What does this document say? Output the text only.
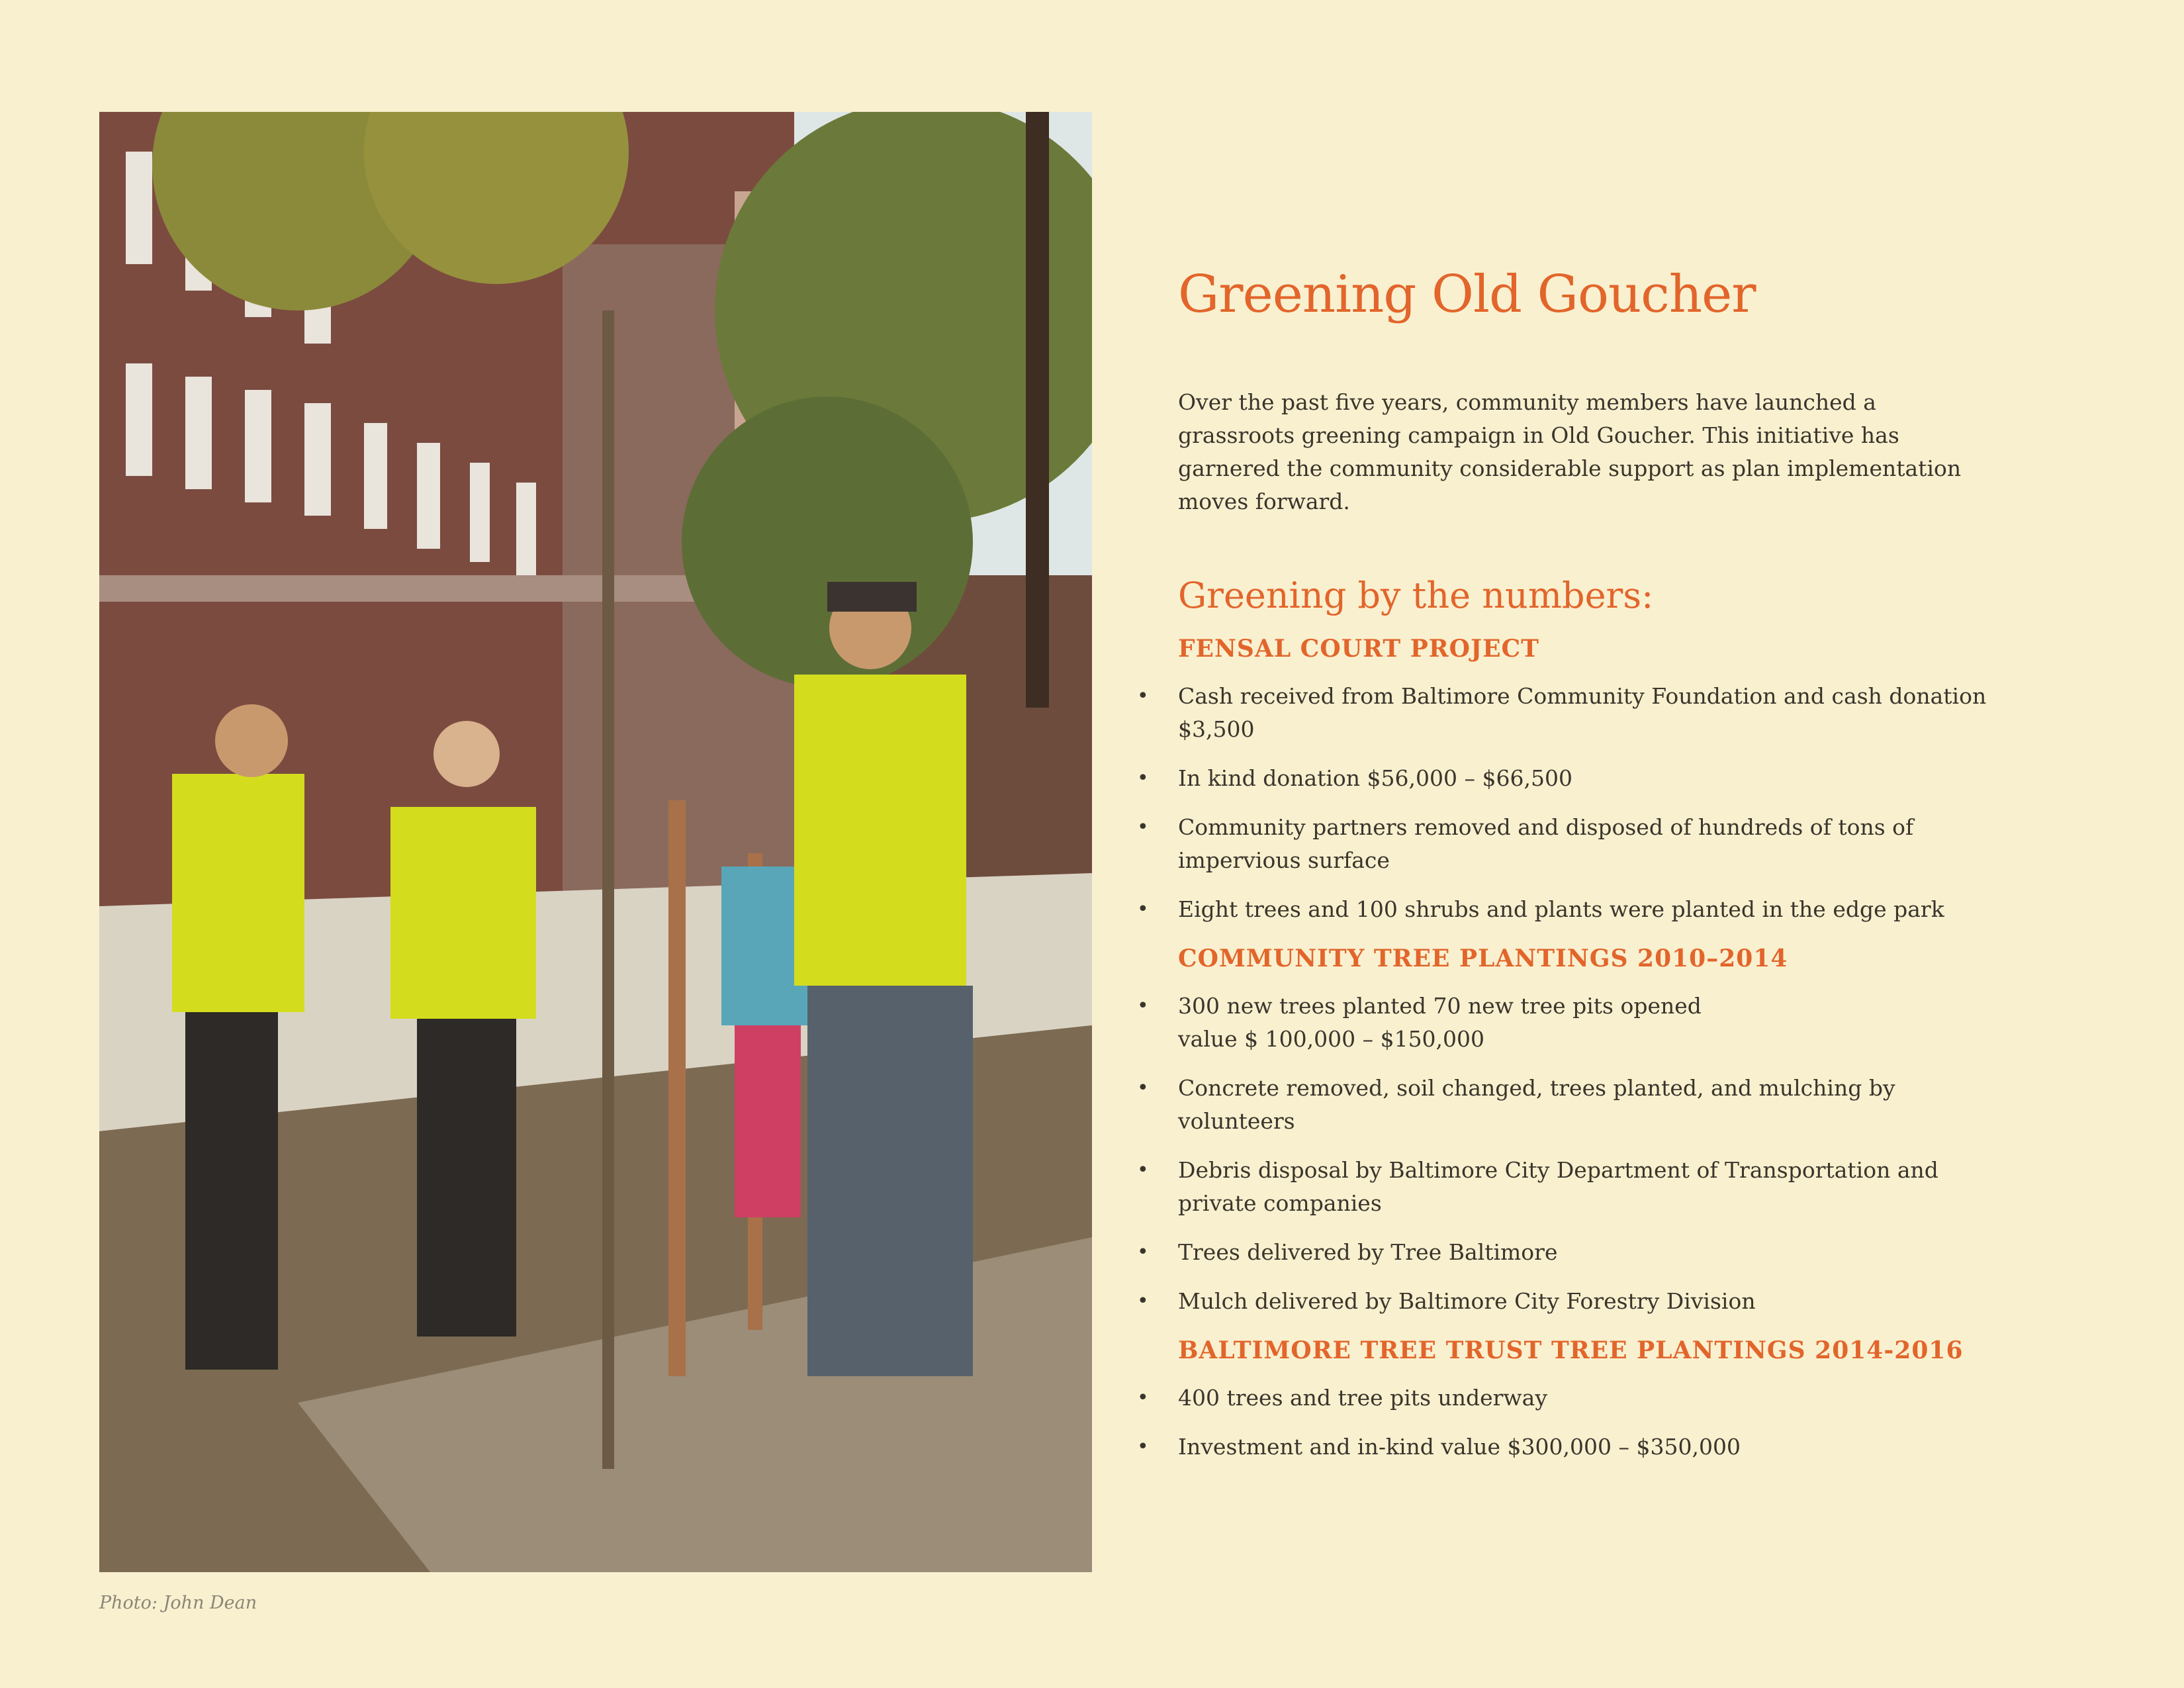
Photo: John Dean

Greening Old Goucher

Over the past five years, community members have launched a grassroots greening campaign in Old Goucher. This initiative has garnered the community considerable support as plan implementation moves forward.

Greening by the numbers:
FENSAL COURT PROJECT
• Cash received from Baltimore Community Foundation and cash donation $3,500
• In kind donation $56,000 – $66,500
• Community partners removed and disposed of hundreds of tons of impervious surface
• Eight trees and 100 shrubs and plants were planted in the edge park
COMMUNITY TREE PLANTINGS 2010–2014
• 300 new trees planted 70 new tree pits opened
value $ 100,000 – $150,000
• Concrete removed, soil changed, trees planted, and mulching by volunteers
• Debris disposal by Baltimore City Department of Transportation and private companies
• Trees delivered by Tree Baltimore
• Mulch delivered by Baltimore City Forestry Division
BALTIMORE TREE TRUST TREE PLANTINGS 2014-2016
• 400 trees and tree pits underway
• Investment and in-kind value $300,000 – $350,000
